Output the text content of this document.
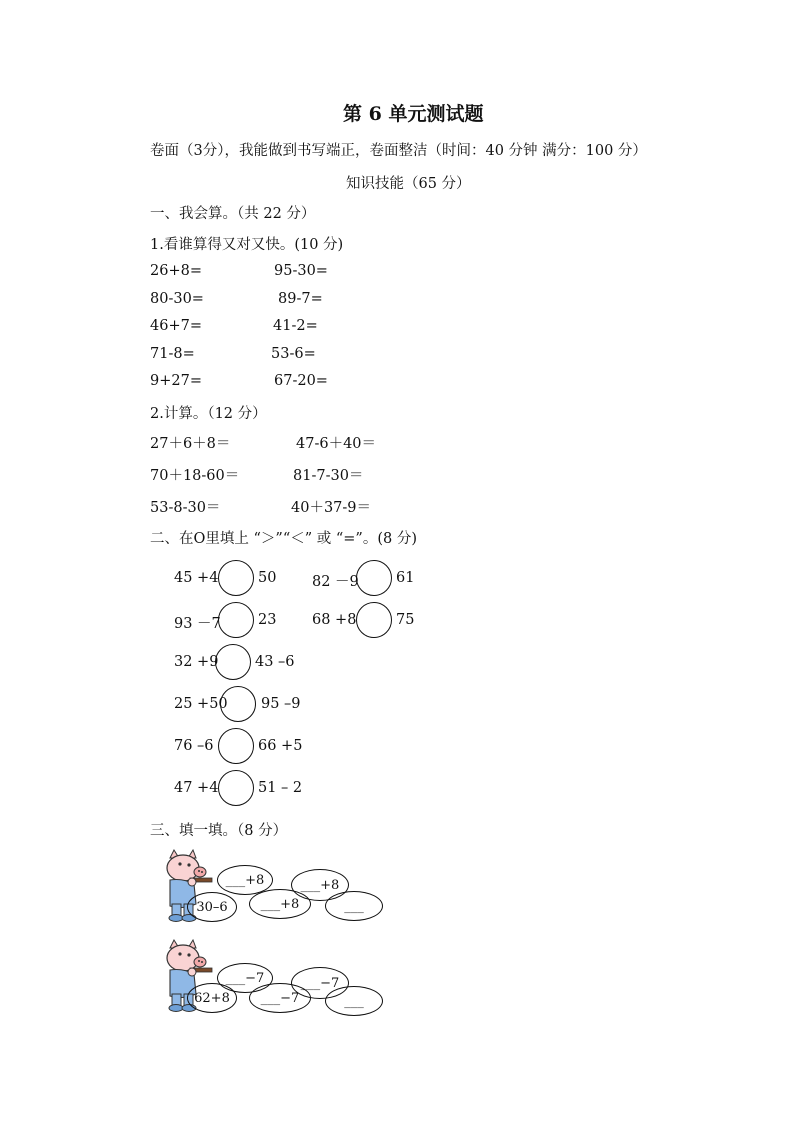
第 6 单元测试题
卷面（3分），我能做到书写端正，卷面整洁（时间：40 分钟 满分：100 分）
知识技能（65 分）
一、我会算。（共 22 分）
1.看谁算得又对又快。(10 分)
26+8=	95-30=
80-30=	89-7=
46+7=	41-2=
71-8=	53-6=
9+27=	67-20=
2.计算。（12 分）
27＋6＋8＝	47-6＋40＝
70＋18-60＝	81-7-30＝
53-8-30＝	40＋37-9＝
二、在O里填上 “＞”“＜” 或 “=”。(8 分)
45 +4	50 82 －9	61
93 －7	23 68 +8	75
32 +9	43 –6
25 +50 95 –9
76 –6	66 +5
47 +4	51 – 2
三、填一填。（8 分）
30–6
___+8
___+8
___+8
___
62+8
___−7
___−7
___−7
___
